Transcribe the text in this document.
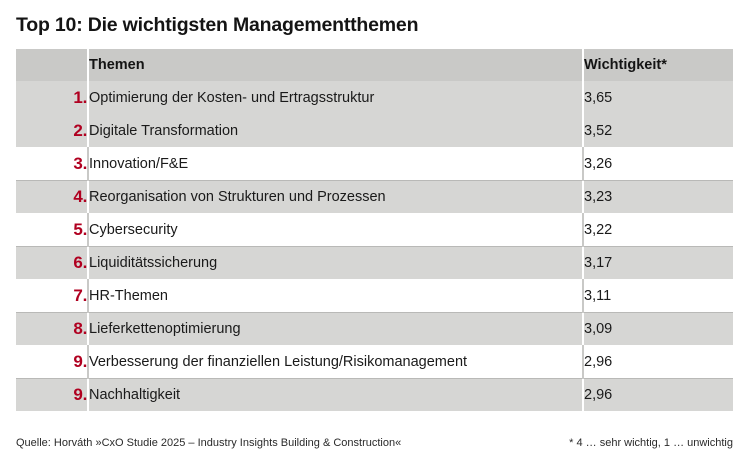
Top 10: Die wichtigsten Managementthemen
	Themen	Wichtigkeit*
1.	Optimierung der Kosten- und Ertragsstruktur	3,65
2.	Digitale Transformation	3,52
3.	Innovation/F&E	3,26
4.	Reorganisation von Strukturen und Prozessen	3,23
5.	Cybersecurity	3,22
6.	Liquiditätssicherung	3,17
7.	HR-Themen	3,11
8.	Lieferkettenoptimierung	3,09
9.	Verbesserung der finanziellen Leistung/Risikomanagement	2,96
9.	Nachhaltigkeit	2,96
Quelle: Horváth »CxO Studie 2025 – Industry Insights Building & Construction«	* 4 … sehr wichtig, 1 … unwichtig
